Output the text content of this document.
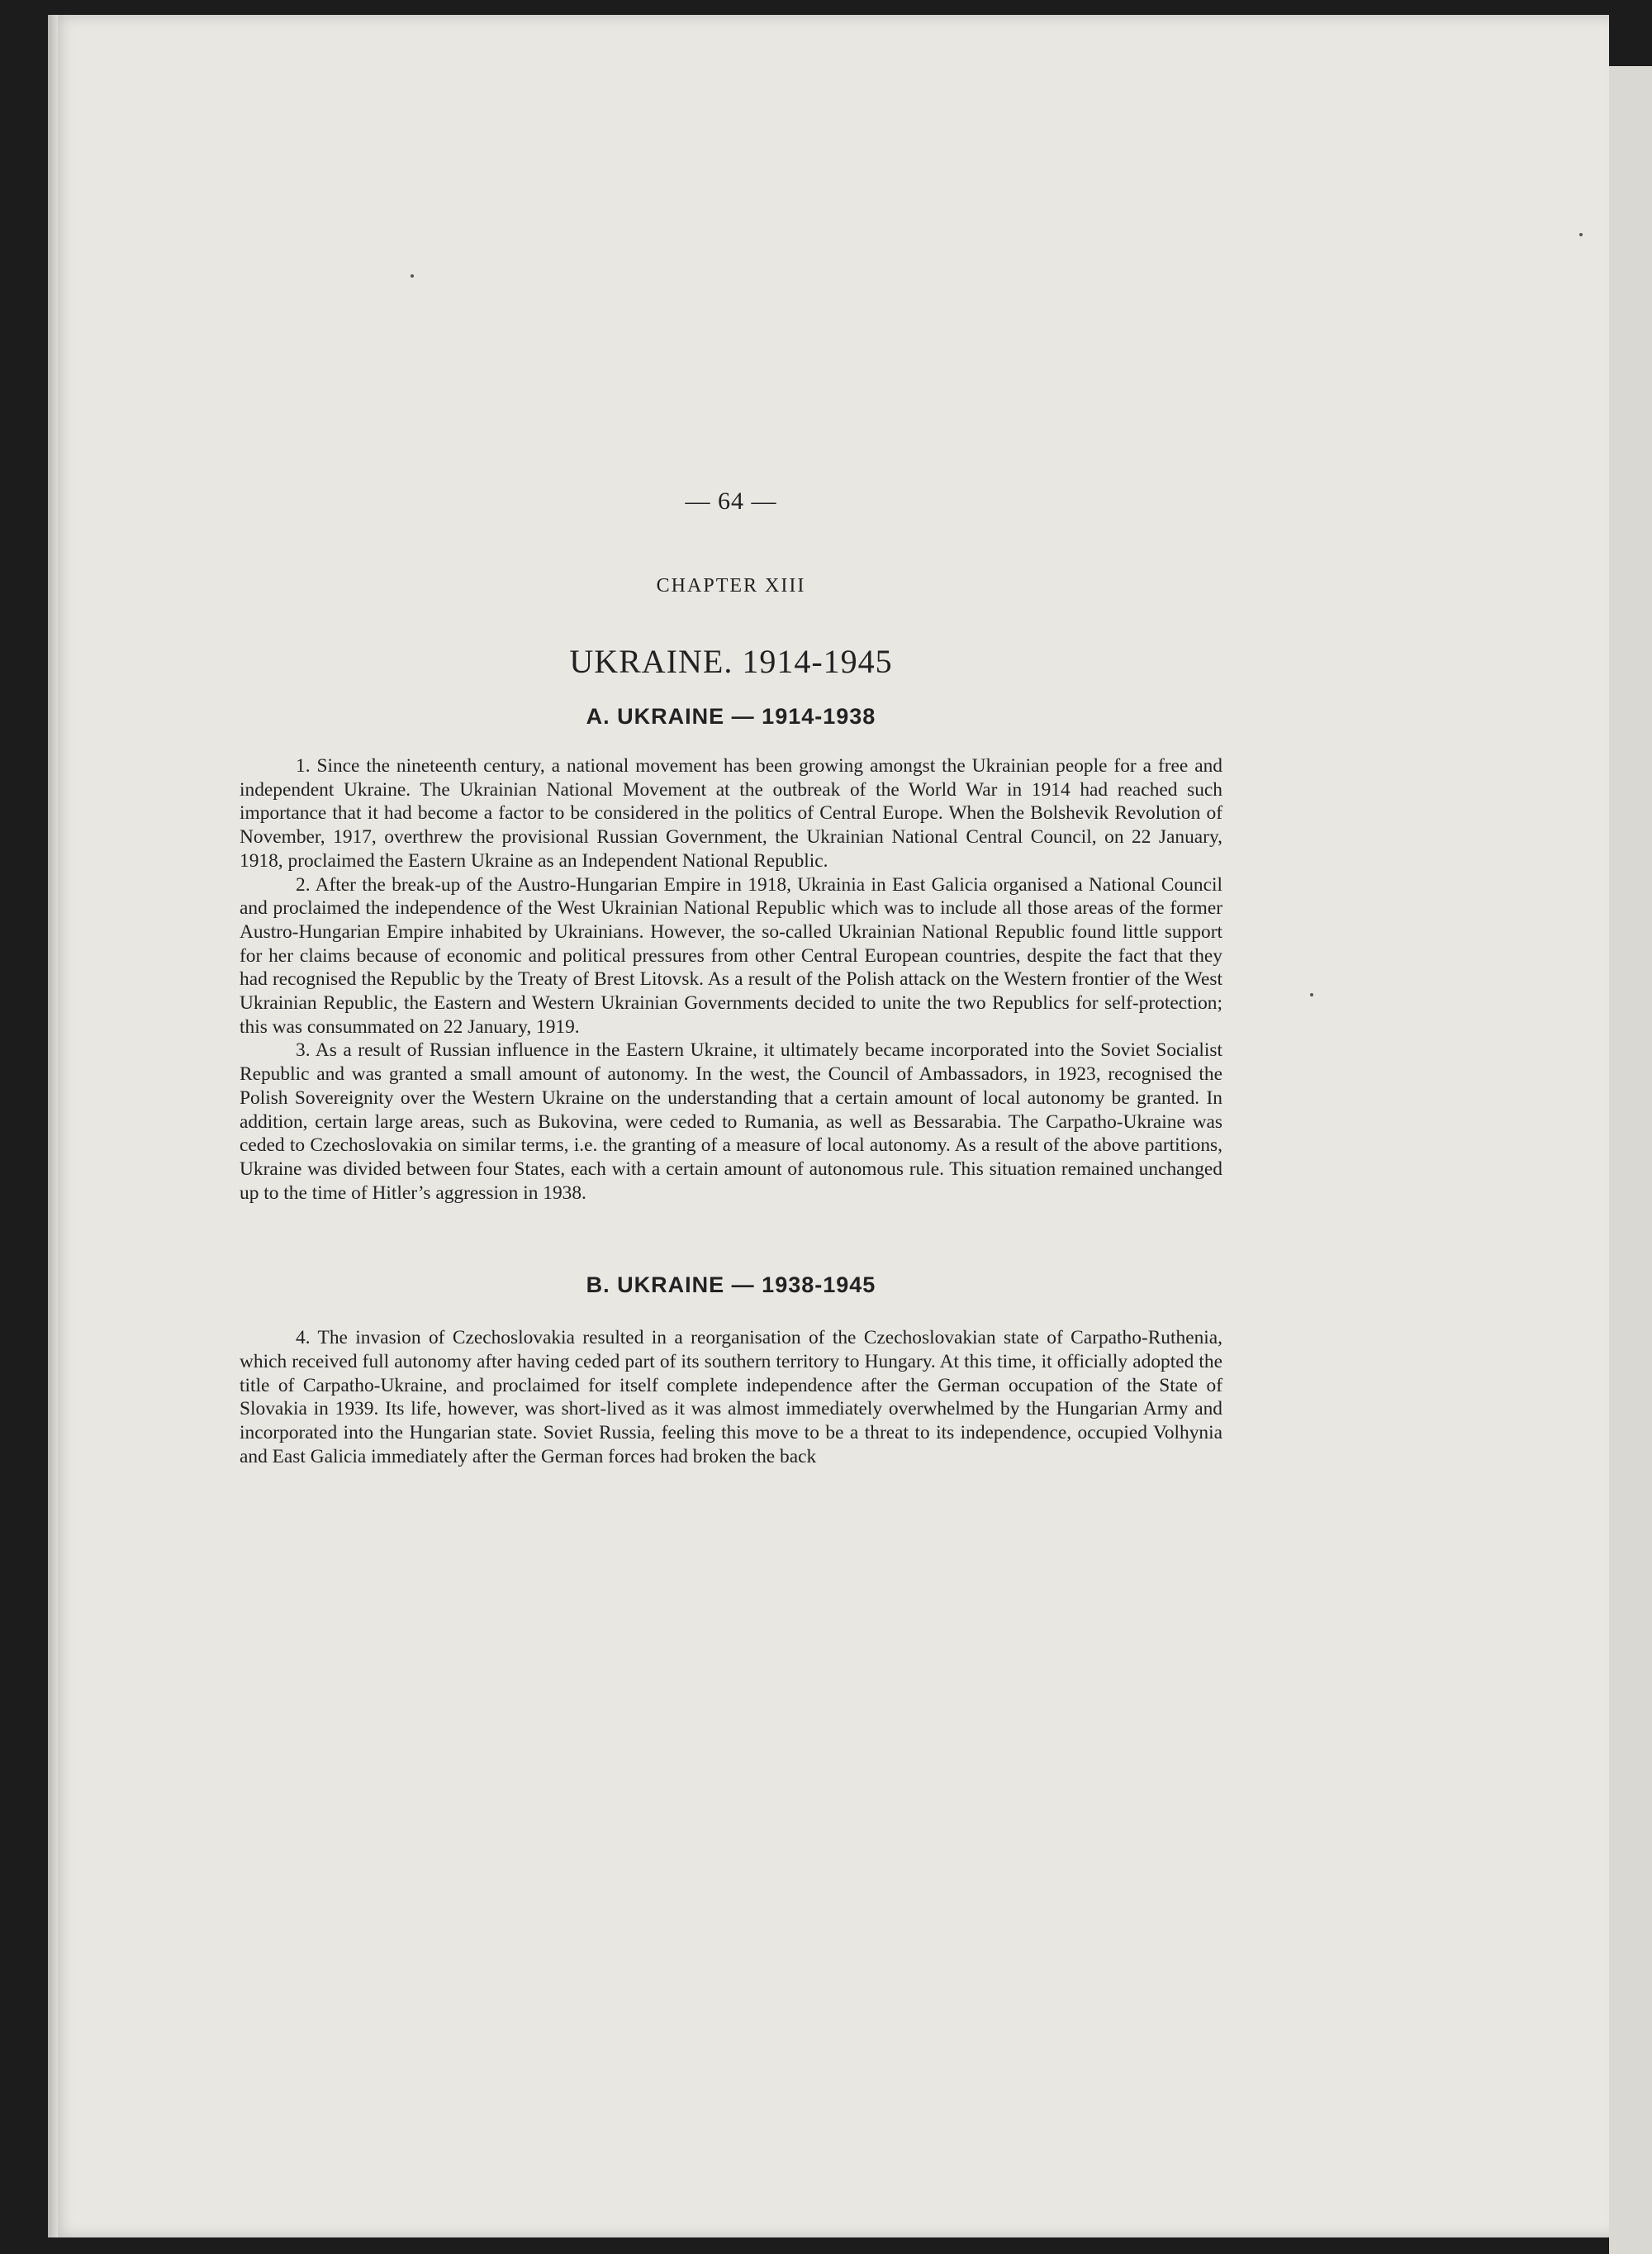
— 64 —
CHAPTER XIII
UKRAINE. 1914-1945
A. UKRAINE — 1914-1938

1. Since the nineteenth century, a national movement has been growing amongst the Ukrainian people for a free and independent Ukraine. The Ukrainian National Movement at the outbreak of the World War in 1914 had reached such importance that it had become a factor to be considered in the politics of Central Europe. When the Bolshevik Revolution of November, 1917, overthrew the provisional Russian Government, the Ukrainian National Central Council, on 22 January, 1918, proclaimed the Eastern Ukraine as an Independent National Republic.

2. After the break-up of the Austro-Hungarian Empire in 1918, Ukrainia in East Galicia organised a National Council and proclaimed the independence of the West Ukrainian National Republic which was to include all those areas of the former Austro-Hungarian Empire inhabited by Ukrainians. However, the so-called Ukrainian National Republic found little support for her claims because of economic and political pressures from other Central European countries, despite the fact that they had recognised the Republic by the Treaty of Brest Litovsk. As a result of the Polish attack on the Western frontier of the West Ukrainian Republic, the Eastern and Western Ukrainian Governments decided to unite the two Republics for self-protection; this was consummated on 22 January, 1919.

3. As a result of Russian influence in the Eastern Ukraine, it ultimately became incorporated into the Soviet Socialist Republic and was granted a small amount of autonomy. In the west, the Council of Ambassadors, in 1923, recognised the Polish Sovereignity over the Western Ukraine on the understanding that a certain amount of local autonomy be granted. In addition, certain large areas, such as Bukovina, were ceded to Rumania, as well as Bessarabia. The Carpatho-Ukraine was ceded to Czechoslovakia on similar terms, i.e. the granting of a measure of local autonomy. As a result of the above partitions, Ukraine was divided between four States, each with a certain amount of autonomous rule. This situation remained unchanged up to the time of Hitler’s aggression in 1938.

B. UKRAINE — 1938-1945

4. The invasion of Czechoslovakia resulted in a reorganisation of the Czechoslovakian state of Carpatho-Ruthenia, which received full autonomy after having ceded part of its southern territory to Hungary. At this time, it officially adopted the title of Carpatho-Ukraine, and proclaimed for itself complete independence after the German occupation of the State of Slovakia in 1939. Its life, however, was short-lived as it was almost immediately overwhelmed by the Hungarian Army and incorporated into the Hungarian state. Soviet Russia, feeling this move to be a threat to its independence, occupied Volhynia and East Galicia immediately after the German forces had broken the back
